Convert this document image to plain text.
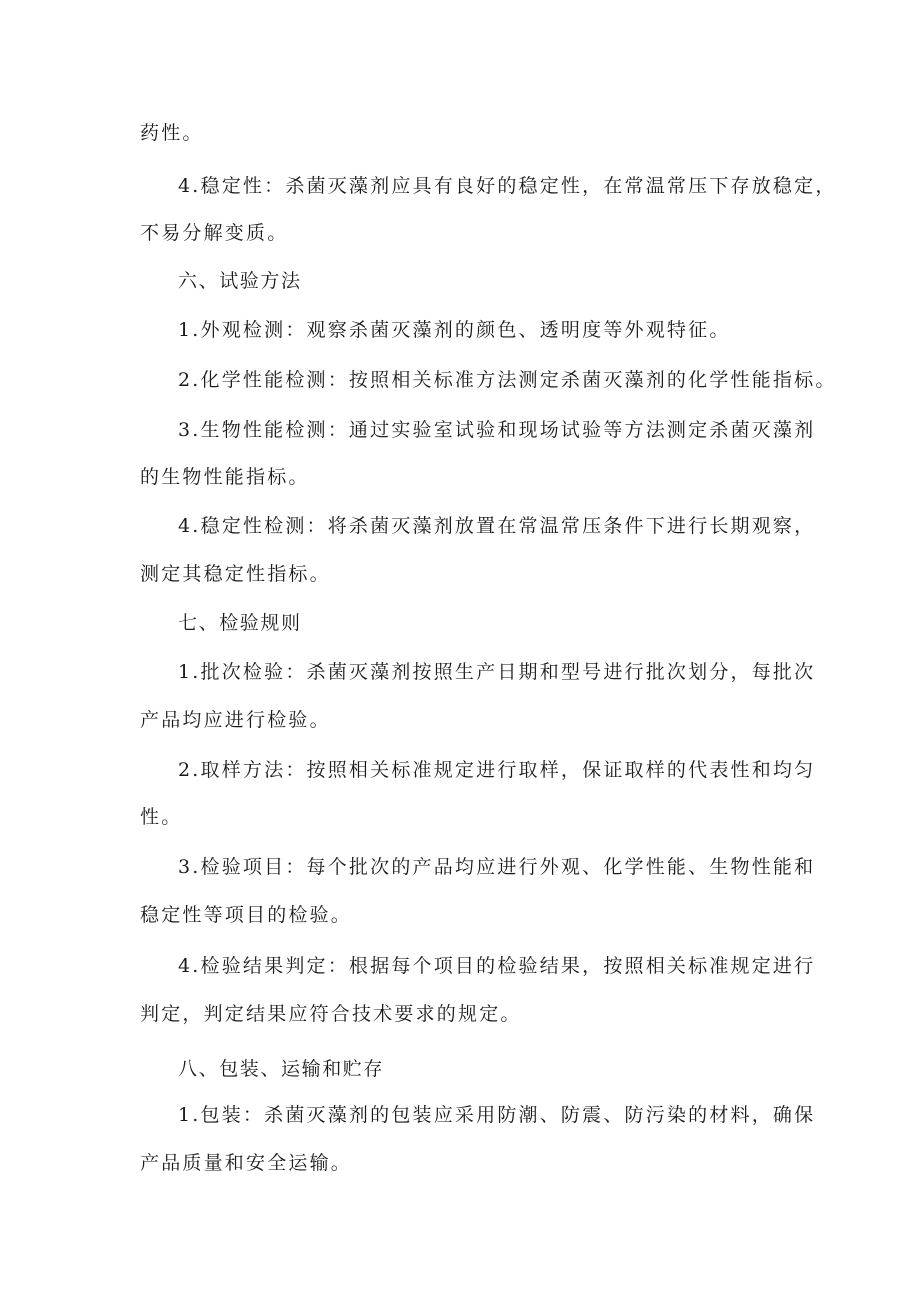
药性。
4.稳定性：杀菌灭藻剂应具有良好的稳定性，在常温常压下存放稳定，
不易分解变质。
六、试验方法
1.外观检测：观察杀菌灭藻剂的颜色、透明度等外观特征。
2.化学性能检测：按照相关标准方法测定杀菌灭藻剂的化学性能指标。
3.生物性能检测：通过实验室试验和现场试验等方法测定杀菌灭藻剂
的生物性能指标。
4.稳定性检测：将杀菌灭藻剂放置在常温常压条件下进行长期观察，
测定其稳定性指标。
七、检验规则
1.批次检验：杀菌灭藻剂按照生产日期和型号进行批次划分，每批次
产品均应进行检验。
2.取样方法：按照相关标准规定进行取样，保证取样的代表性和均匀
性。
3.检验项目：每个批次的产品均应进行外观、化学性能、生物性能和
稳定性等项目的检验。
4.检验结果判定：根据每个项目的检验结果，按照相关标准规定进行
判定，判定结果应符合技术要求的规定。
八、包装、运输和贮存
1.包装：杀菌灭藻剂的包装应采用防潮、防震、防污染的材料，确保
产品质量和安全运输。
